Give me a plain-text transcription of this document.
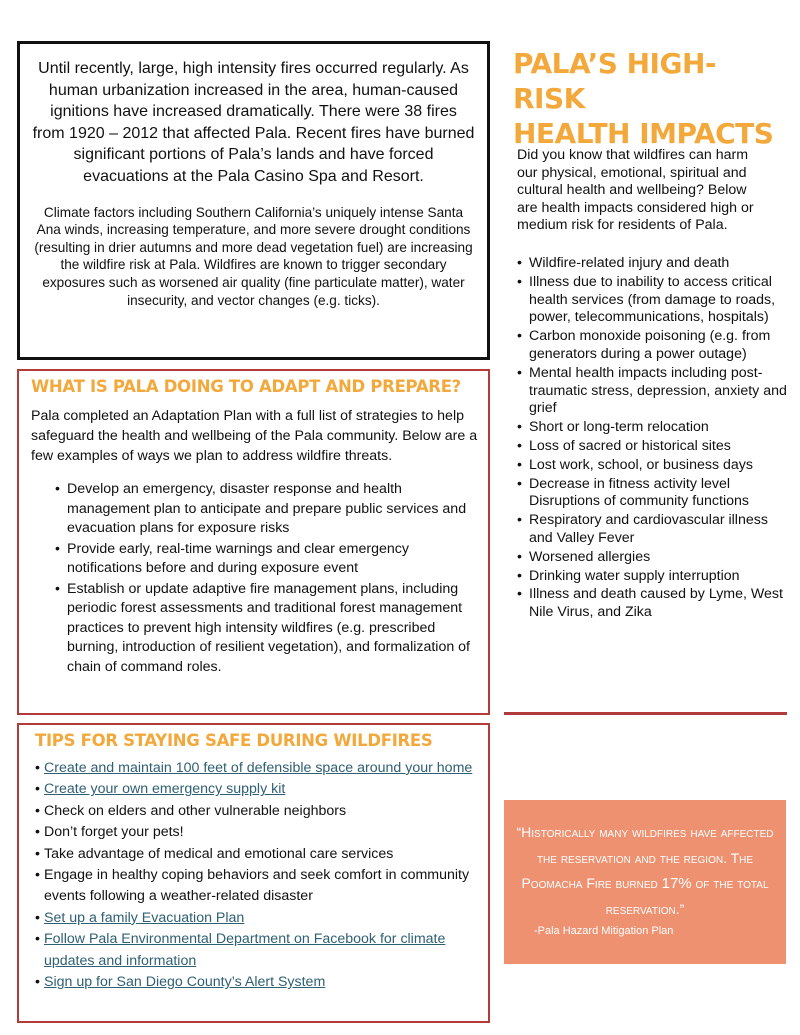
Until recently, large, high intensity fires occurred regularly. As human urbanization increased in the area, human-caused ignitions have increased dramatically. There were 38 fires from 1920 – 2012 that affected Pala. Recent fires have burned significant portions of Pala’s lands and have forced evacuations at the Pala Casino Spa and Resort.

Climate factors including Southern California’s uniquely intense Santa Ana winds, increasing temperature, and more severe drought conditions (resulting in drier autumns and more dead vegetation fuel) are increasing the wildfire risk at Pala. Wildfires are known to trigger secondary exposures such as worsened air quality (fine particulate matter), water insecurity, and vector changes (e.g. ticks).

WHAT IS PALA DOING TO ADAPT AND PREPARE?

Pala completed an Adaptation Plan with a full list of strategies to help safeguard the health and wellbeing of the Pala community. Below are a few examples of ways we plan to address wildfire threats.

• Develop an emergency, disaster response and health management plan to anticipate and prepare public services and evacuation plans for exposure risks
• Provide early, real-time warnings and clear emergency notifications before and during exposure event
• Establish or update adaptive fire management plans, including periodic forest assessments and traditional forest management practices to prevent high intensity wildfires (e.g. prescribed burning, introduction of resilient vegetation), and formalization of chain of command roles.
TIPS FOR STAYING SAFE DURING WILDFIRES
• Create and maintain 100 feet of defensible space around your home
• Create your own emergency supply kit
• Check on elders and other vulnerable neighbors
• Don’t forget your pets!
• Take advantage of medical and emotional care services
• Engage in healthy coping behaviors and seek comfort in community events following a weather-related disaster
• Set up a family Evacuation Plan
• Follow Pala Environmental Department on Facebook for climate updates and information
• Sign up for San Diego County’s Alert System
PALA’S HIGH- RISK
HEALTH IMPACTS

Did you know that wildfires can harm our physical, emotional, spiritual and cultural health and wellbeing? Below are health impacts considered high or medium risk for residents of Pala.

• Wildfire-related injury and death
• Illness due to inability to access critical health services (from damage to roads, power, telecommunications, hospitals)
• Carbon monoxide poisoning (e.g. from generators during a power outage)
• Mental health impacts including post-traumatic stress, depression, anxiety and grief
• Short or long-term relocation
• Loss of sacred or historical sites
• Lost work, school, or business days
• Decrease in fitness activity level Disruptions of community functions
• Respiratory and cardiovascular illness and Valley Fever
• Worsened allergies
• Drinking water supply interruption
• Illness and death caused by Lyme, West Nile Virus, and Zika

“Historically many wildfires have affected the reservation and the region. The Poomacha Fire burned 17% of the total reservation.”

-Pala Hazard Mitigation Plan
